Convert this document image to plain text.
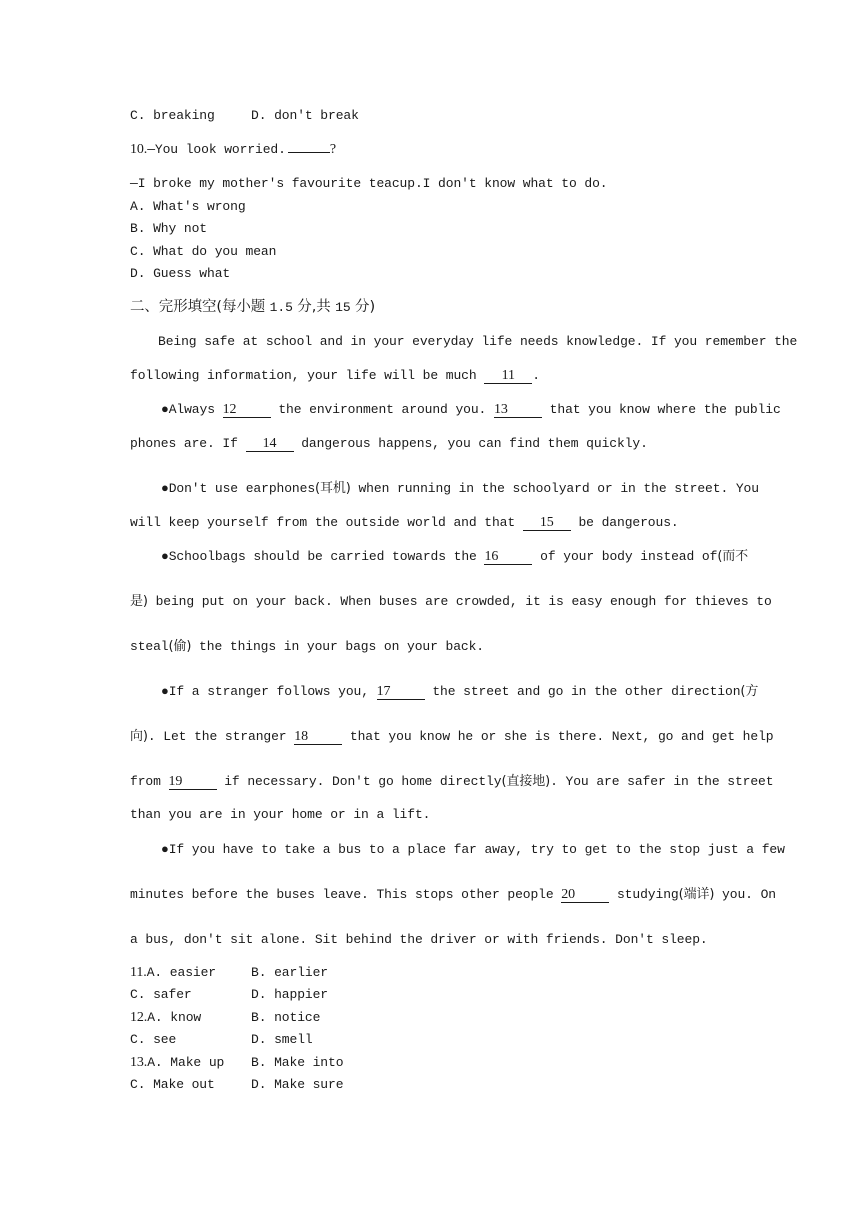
C. breaking	D. don't break
10.—You look worried.	?
—I broke my mother's favourite teacup.I don't know what to do.
A. What's wrong
B. Why not
C. What do you mean
D. Guess what
二、完形填空(每小题 1.5 分,共 15 分)
Being safe at school and in your everyday life needs knowledge. If you remember the
following information, your life will be much 11 .
●Always 12	the environment around you. 13	that you know where the public
phones are. If 14 dangerous happens, you can find them quickly.
●Don't use earphones(耳机) when running in the schoolyard or in the street. You
will keep yourself from the outside world and that 15 be dangerous.
●Schoolbags should be carried towards the 16	of your body instead of(而不
是) being put on your back. When buses are crowded, it is easy enough for thieves to
steal(偷) the things in your bags on your back.
●If a stranger follows you, 17	the street and go in the other direction(方
向). Let the stranger 18	that you know he or she is there. Next, go and get help
from 19	if necessary. Don't go home directly(直接地). You are safer in the street
than you are in your home or in a lift.
●If you have to take a bus to a place far away, try to get to the stop just a few
minutes before the buses leave. This stops other people 20	studying(端详) you. On
a bus, don't sit alone. Sit behind the driver or with friends. Don't sleep.
11.A. easier	B. earlier
C. safer	D. happier
12.A. know	B. notice
C. see	D. smell
13.A. Make up B. Make into
C. Make out	D. Make sure
